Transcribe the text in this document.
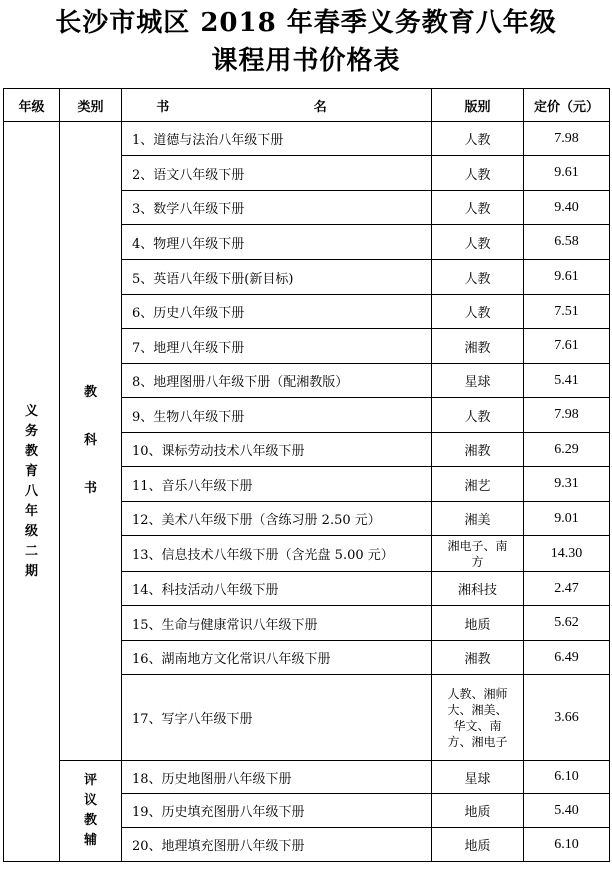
长沙市城区 2018 年春季义务教育八年级
课程用书价格表
年级	类别	书 名	版别	定价（元）
义务教育八年级二期	教科书	1、道德与法治八年级下册	人教	7.98
		2、语文八年级下册	人教	9.61
		3、数学八年级下册	人教	9.40
		4、物理八年级下册	人教	6.58
		5、英语八年级下册(新目标)	人教	9.61
		6、历史八年级下册	人教	7.51
		7、地理八年级下册	湘教	7.61
		8、地理图册八年级下册（配湘教版）	星球	5.41
		9、生物八年级下册	人教	7.98
		10、课标劳动技术八年级下册	湘教	6.29
		11、音乐八年级下册	湘艺	9.31
		12、美术八年级下册（含练习册 2.50 元）	湘美	9.01
		13、信息技术八年级下册（含光盘 5.00 元）	湘电子、南方	14.30
		14、科技活动八年级下册	湘科技	2.47
		15、生命与健康常识八年级下册	地质	5.62
		16、湖南地方文化常识八年级下册	湘教	6.49
		17、写字八年级下册	人教、湘师大、湘美、华文、南方、湘电子	3.66
	评议教辅	18、历史地图册八年级下册	星球	6.10
		19、历史填充图册八年级下册	地质	5.40
		20、地理填充图册八年级下册	地质	6.10
